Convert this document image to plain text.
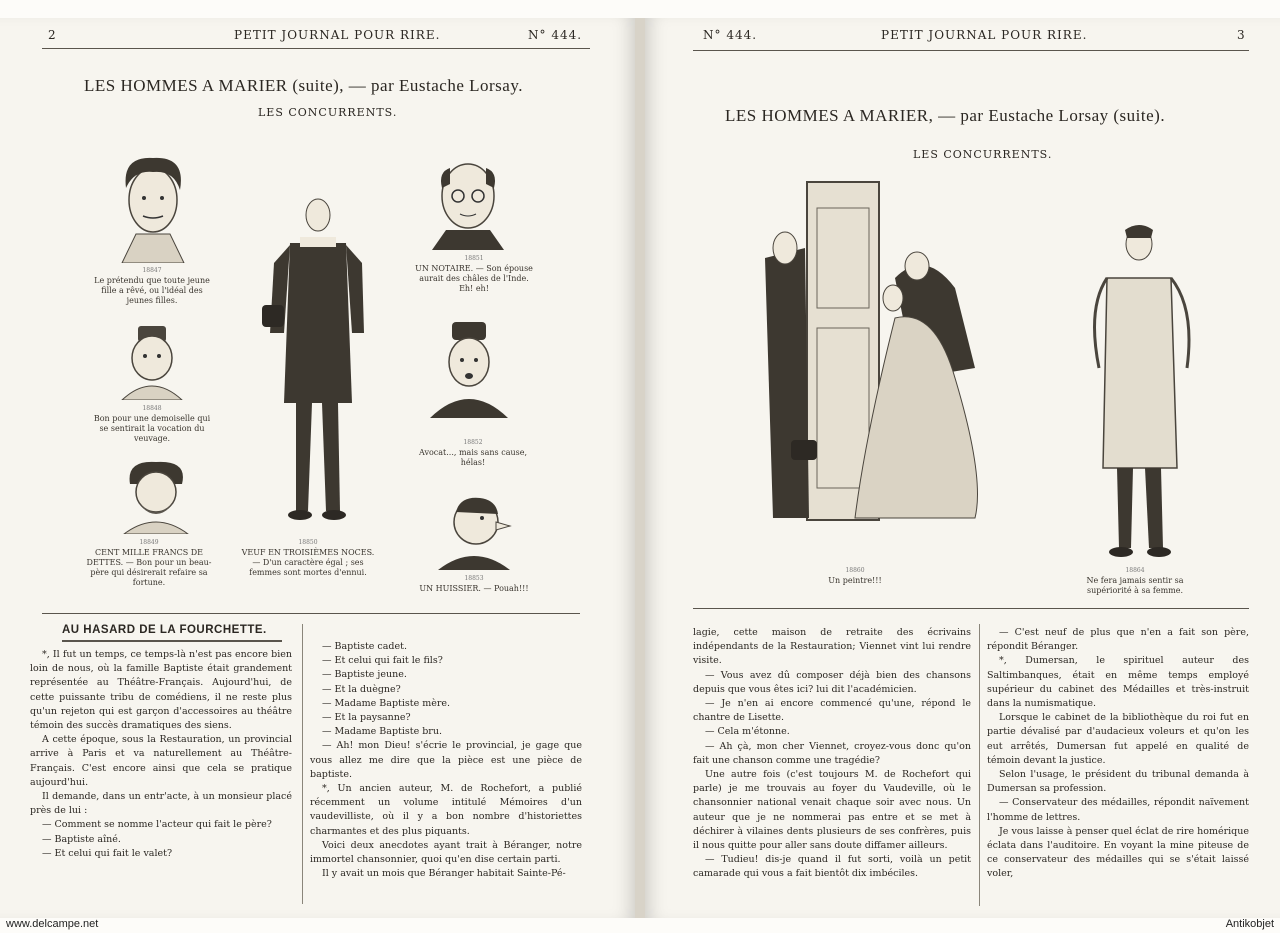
2	PETIT JOURNAL POUR RIRE.	N° 444.
LES HOMMES A MARIER (suite), — par Eustache Lorsay.
LES CONCURRENTS.
18847
Le prétendu que toute jeune fille a rêvé, ou l'idéal des jeunes filles.
18848
Bon pour une demoiselle qui se sentirait la vocation du veuvage.
18849
CENT MILLE FRANCS DE DETTES. — Bon pour un beau-père qui désirerait refaire sa fortune.
18850
VEUF EN TROISIÈMES NOCES. — D'un caractère égal ; ses femmes sont mortes d'ennui.
18851
UN NOTAIRE. — Son épouse aurait des châles de l'Inde. Eh! eh!
18852
Avocat..., mais sans cause, hélas!
18853
UN HUISSIER. — Pouah!!!
AU HASARD DE LA FOURCHETTE.

*, Il fut un temps, ce temps-là n'est pas encore bien loin de nous, où la famille Baptiste était grandement représentée au Théâtre-Français. Aujourd'hui, de cette puissante tribu de comédiens, il ne reste plus qu'un rejeton qui est garçon d'accessoires au théâtre témoin des succès dramatiques des siens.

A cette époque, sous la Restauration, un provincial arrive à Paris et va naturellement au Théâtre-Français. C'est encore ainsi que cela se pratique aujourd'hui.

Il demande, dans un entr'acte, à un monsieur placé près de lui :

— Comment se nomme l'acteur qui fait le père?

— Baptiste aîné.

— Et celui qui fait le valet?

— Baptiste cadet.

— Et celui qui fait le fils?

— Baptiste jeune.

— Et la duègne?

— Madame Baptiste mère.

— Et la paysanne?

— Madame Baptiste bru.

— Ah! mon Dieu! s'écrie le provincial, je gage que vous allez me dire que la pièce est une pièce de baptiste.

*, Un ancien auteur, M. de Rochefort, a publié récemment un volume intitulé Mémoires d'un vaudevilliste, où il y a bon nombre d'historiettes charmantes et des plus piquants.

Voici deux anecdotes ayant trait à Béranger, notre immortel chansonnier, quoi qu'en dise certain parti.

Il y avait un mois que Béranger habitait Sainte-Pé-

N° 444.	PETIT JOURNAL POUR RIRE.	3
LES HOMMES A MARIER, — par Eustache Lorsay (suite).
LES CONCURRENTS.
18860
Un peintre!!!
18864
Ne fera jamais sentir sa supériorité à sa femme.

lagie, cette maison de retraite des écrivains indépendants de la Restauration; Viennet vint lui rendre visite.

— Vous avez dû composer déjà bien des chansons depuis que vous êtes ici? lui dit l'académicien.

— Je n'en ai encore commencé qu'une, répond le chantre de Lisette.

— Cela m'étonne.

— Ah çà, mon cher Viennet, croyez-vous donc qu'on fait une chanson comme une tragédie?

Une autre fois (c'est toujours M. de Rochefort qui parle) je me trouvais au foyer du Vaudeville, où le chansonnier national venait chaque soir avec nous. Un auteur que je ne nommerai pas entre et se met à déchirer à vilaines dents plusieurs de ses confrères, puis il nous quitte pour aller sans doute diffamer ailleurs.

— Tudieu! dis-je quand il fut sorti, voilà un petit camarade qui vous a fait bientôt dix imbéciles.

— C'est neuf de plus que n'en a fait son père, répondit Béranger.

*, Dumersan, le spirituel auteur des Saltimbanques, était en même temps employé supérieur du cabinet des Médailles et très-instruit dans la numismatique.

Lorsque le cabinet de la bibliothèque du roi fut en partie dévalisé par d'audacieux voleurs et qu'on les eut arrêtés, Dumersan fut appelé en qualité de témoin devant la justice.

Selon l'usage, le président du tribunal demanda à Dumersan sa profession.

— Conservateur des médailles, répondit naïvement l'homme de lettres.

Je vous laisse à penser quel éclat de rire homérique éclata dans l'auditoire. En voyant la mine piteuse de ce conservateur des médailles qui se s'était laissé voler,

www.delcampe.net	Antikobjet
